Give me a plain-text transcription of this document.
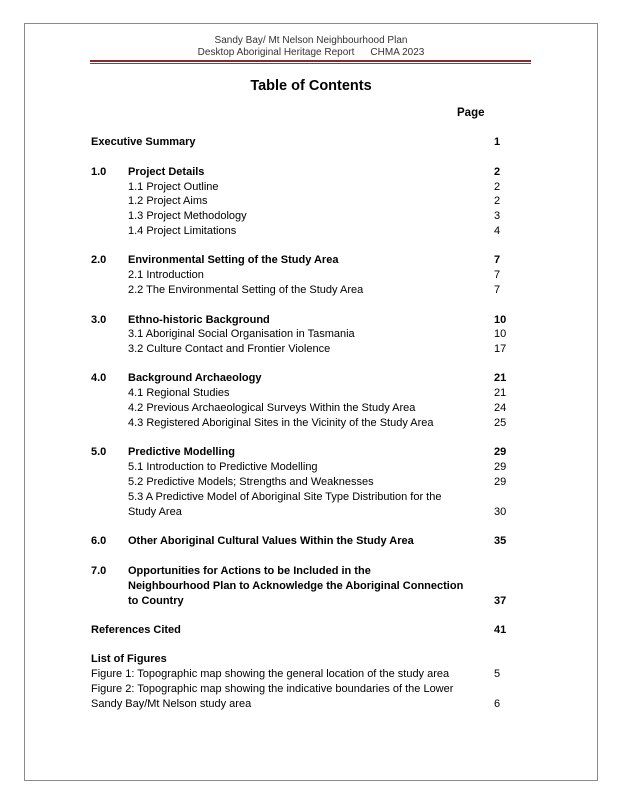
Sandy Bay/ Mt Nelson Neighbourhood Plan
Desktop Aboriginal Heritage Report CHMA 2023
Table of Contents
Page
Executive Summary	1
1.0 Project Details	2
1.1 Project Outline	2
1.2 Project Aims	2
1.3 Project Methodology	3
1.4 Project Limitations	4
2.0 Environmental Setting of the Study Area	7
2.1 Introduction	7
2.2 The Environmental Setting of the Study Area	7
3.0 Ethno-historic Background	10
3.1 Aboriginal Social Organisation in Tasmania	10
3.2 Culture Contact and Frontier Violence	17
4.0 Background Archaeology	21
4.1 Regional Studies	21
4.2 Previous Archaeological Surveys Within the Study Area	24
4.3 Registered Aboriginal Sites in the Vicinity of the Study Area	25
5.0 Predictive Modelling	29
5.1 Introduction to Predictive Modelling	29
5.2 Predictive Models; Strengths and Weaknesses	29
5.3 A Predictive Model of Aboriginal Site Type Distribution for the
Study Area	30
6.0 Other Aboriginal Cultural Values Within the Study Area	35
7.0 Opportunities for Actions to be Included in the
Neighbourhood Plan to Acknowledge the Aboriginal Connection
to Country	37
References Cited	41
List of Figures
Figure 1: Topographic map showing the general location of the study area	5
Figure 2: Topographic map showing the indicative boundaries of the Lower
Sandy Bay/Mt Nelson study area	6
